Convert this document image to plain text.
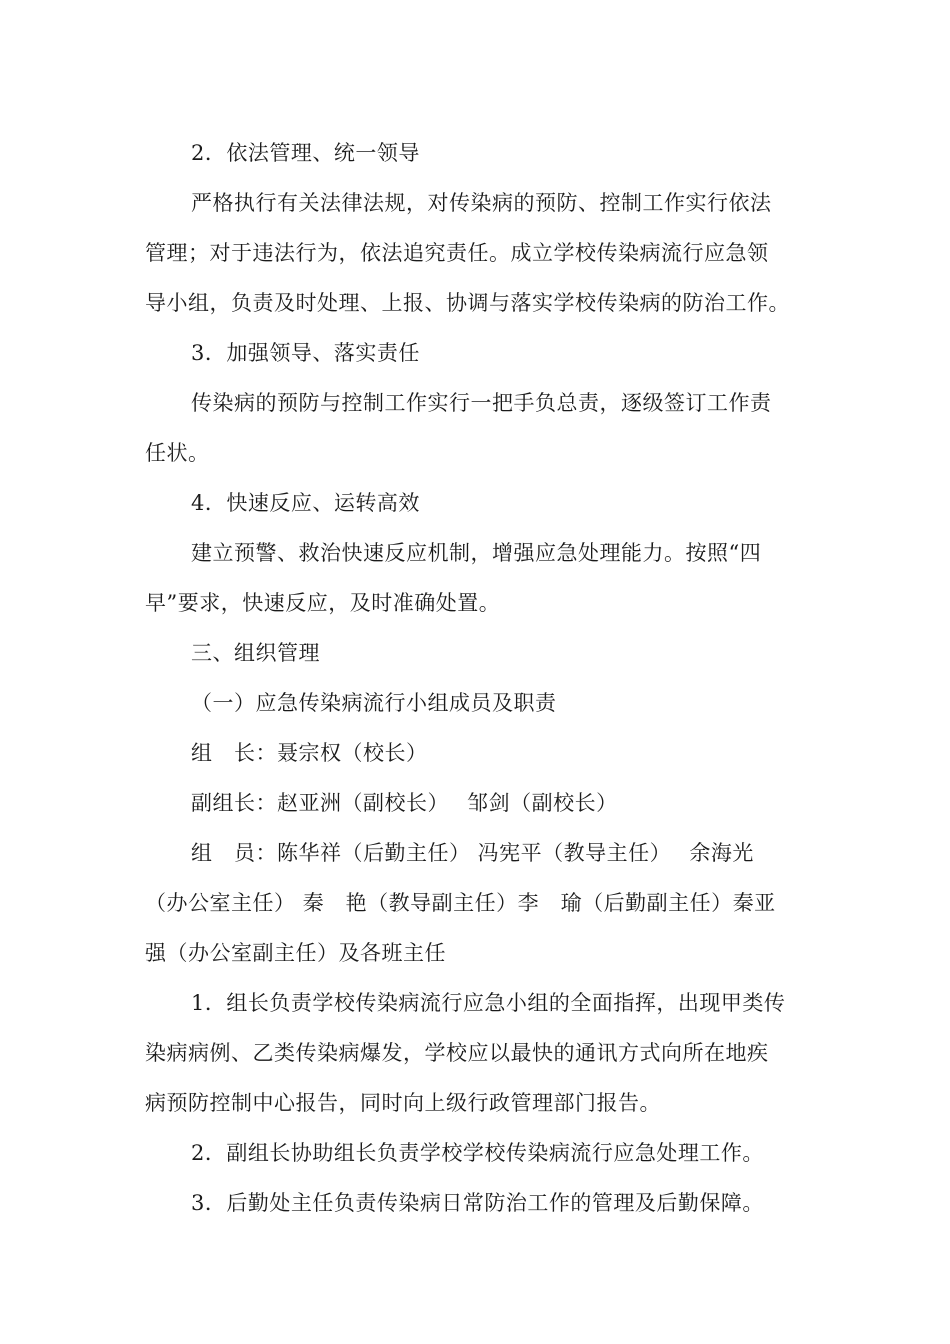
2．依法管理、统一领导

严格执行有关法律法规，对传染病的预防、控制工作实行依法

管理；对于违法行为，依法追究责任。成立学校传染病流行应急领

导小组，负责及时处理、上报、协调与落实学校传染病的防治工作。

3．加强领导、落实责任

传染病的预防与控制工作实行一把手负总责，逐级签订工作责

任状。

4．快速反应、运转高效

建立预警、救治快速反应机制，增强应急处理能力。按照“四

早”要求，快速反应，及时准确处置。

三、组织管理

（一）应急传染病流行小组成员及职责

组　长：聂宗权（校长）

副组长：赵亚洲（副校长）　 邹剑（副校长）

组　员：陈华祥（后勤主任） 冯宪平（教导主任）　 余海光

（办公室主任） 秦　艳（教导副主任）李　瑜（后勤副主任）秦亚

强（办公室副主任）及各班主任

1．组长负责学校传染病流行应急小组的全面指挥，出现甲类传

染病病例、乙类传染病爆发，学校应以最快的通讯方式向所在地疾

病预防控制中心报告，同时向上级行政管理部门报告。

2．副组长协助组长负责学校学校传染病流行应急处理工作。

3．后勤处主任负责传染病日常防治工作的管理及后勤保障。
